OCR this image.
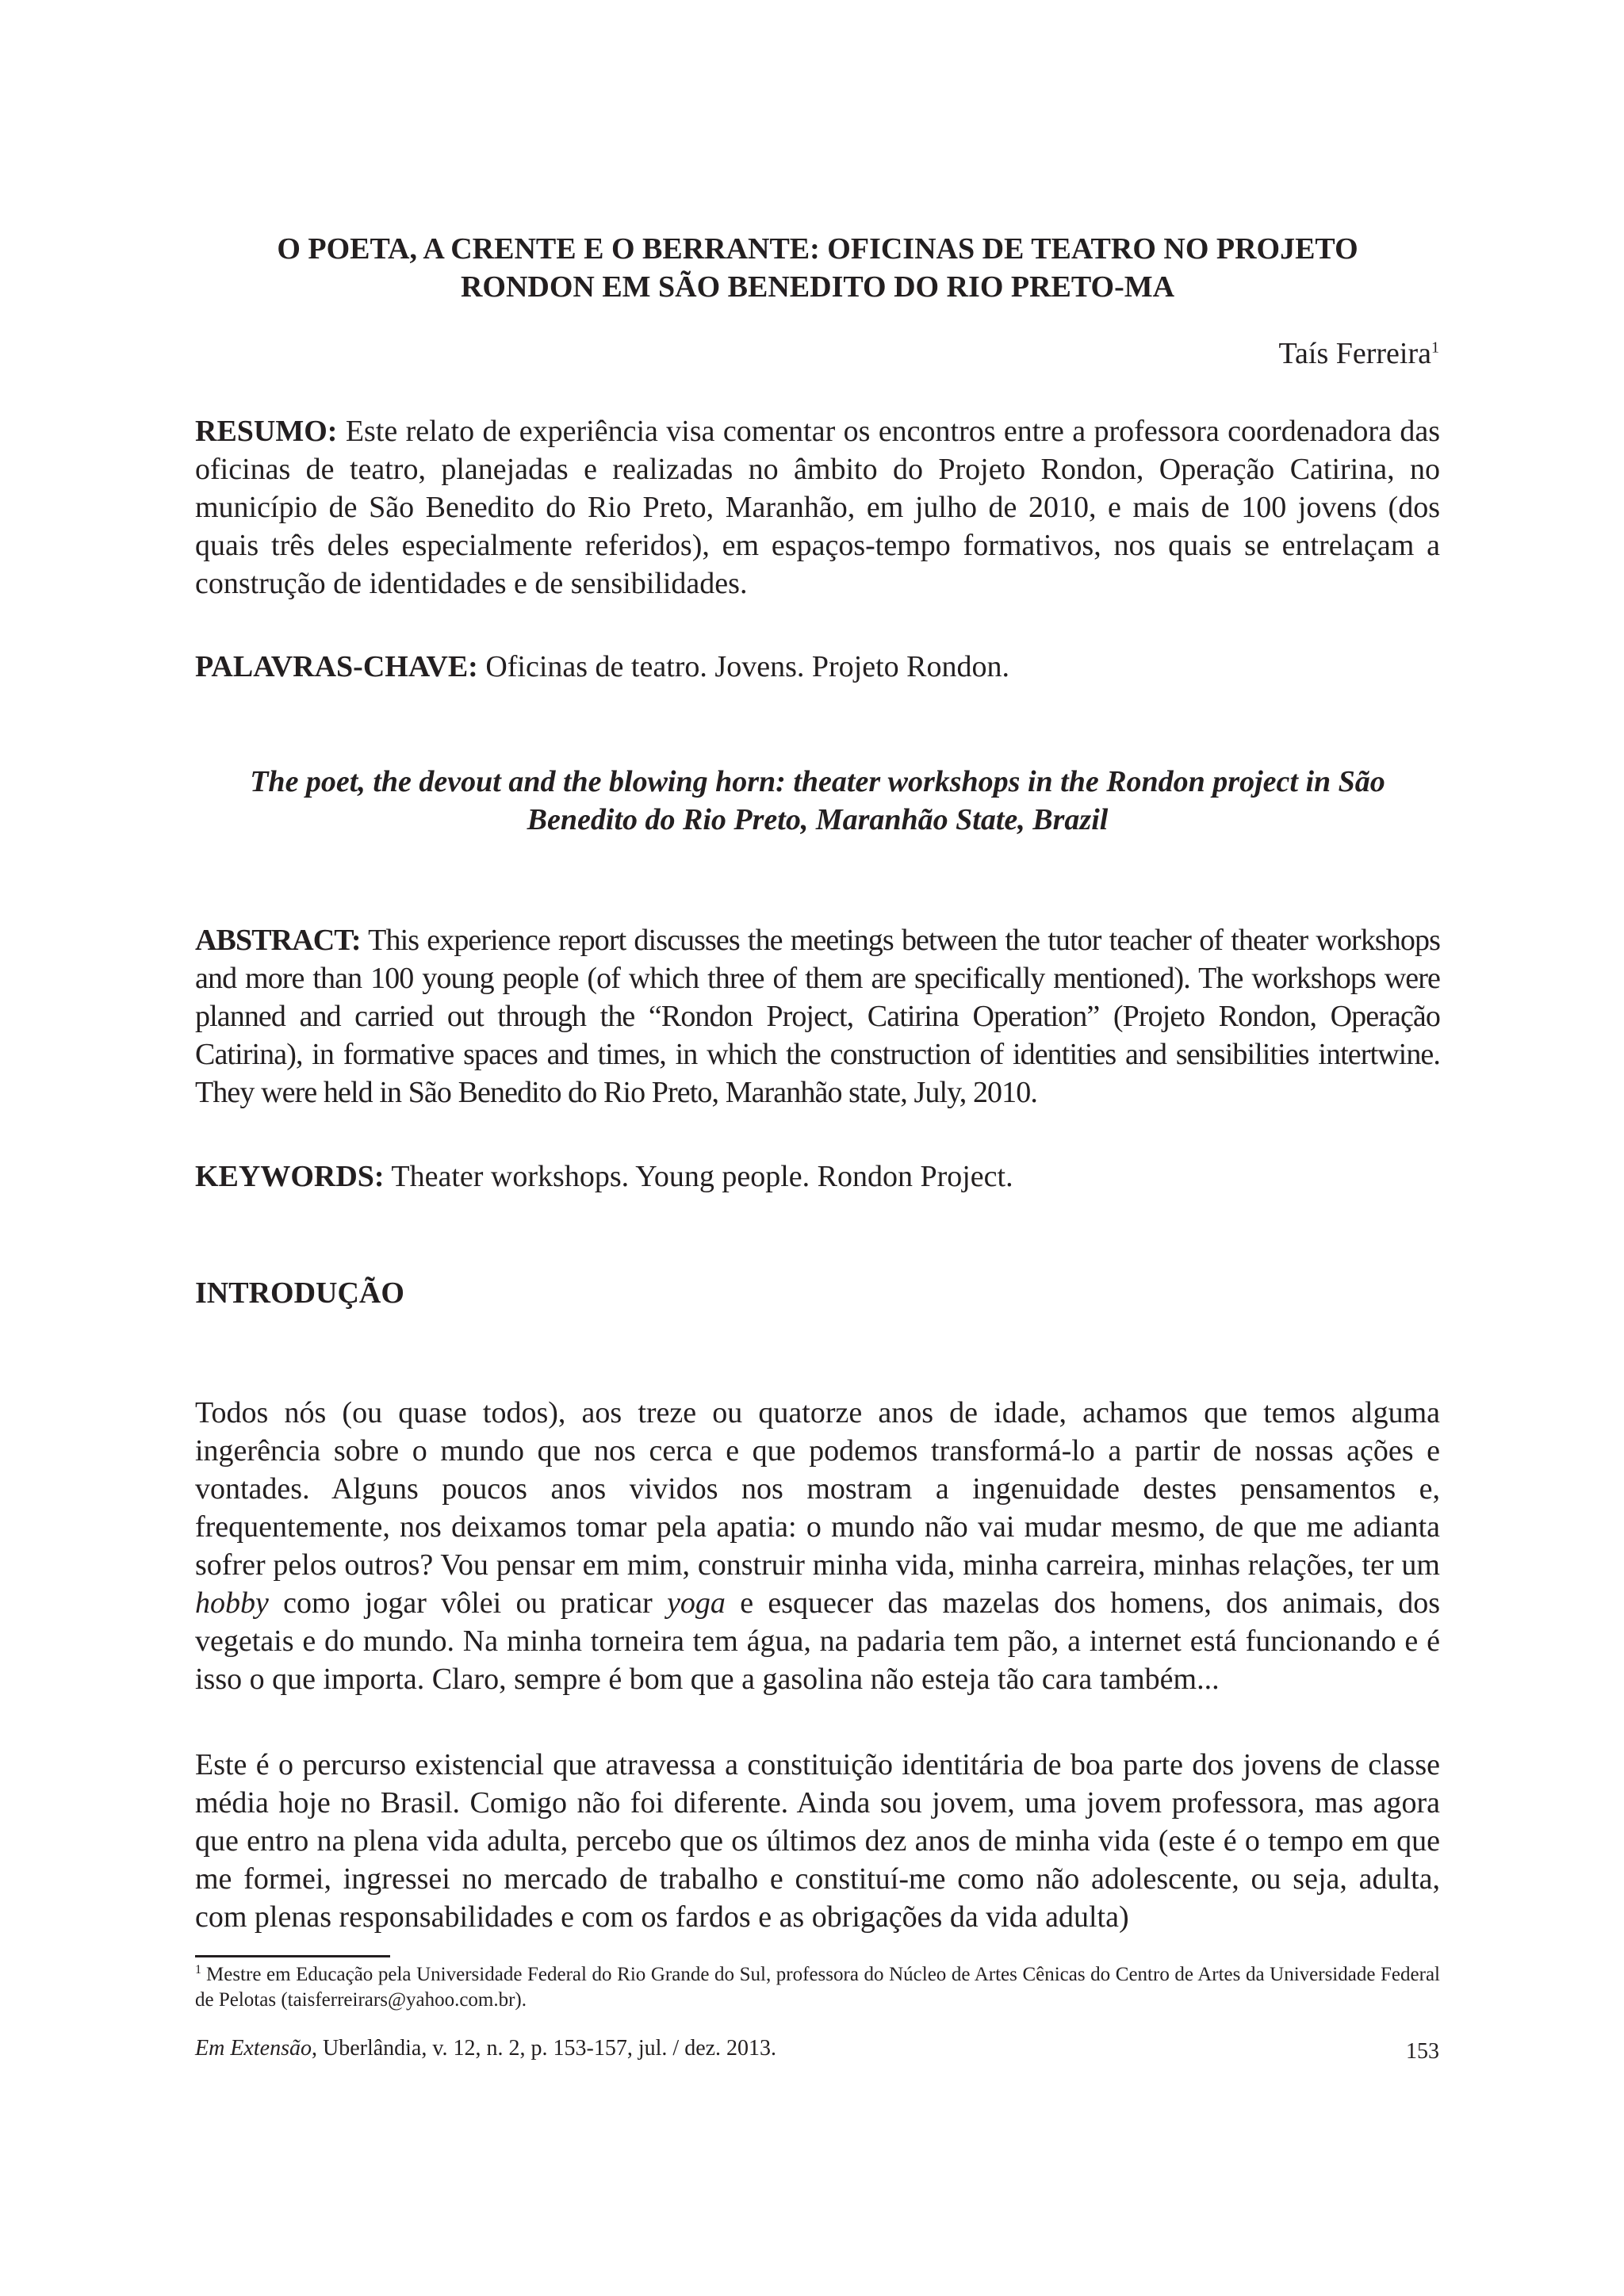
O POETA, A CRENTE E O BERRANTE: OFICINAS DE TEATRO NO PROJETO
RONDON EM SÃO BENEDITO DO RIO PRETO-MA

Taís Ferreira$^1$

RESUMO: Este relato de experiência visa comentar os encontros entre a professora coordenadora das oficinas de teatro, planejadas e realizadas no âmbito do Projeto Rondon, Operação Catirina, no município de São Benedito do Rio Preto, Maranhão, em julho de 2010, e mais de 100 jovens (dos quais três deles especialmente referidos), em espaços-tempo formativos, nos quais se entrelaçam a construção de identidades e de sensibilidades.

PALAVRAS-CHAVE: Oficinas de teatro. Jovens. Projeto Rondon.

The poet, the devout and the blowing horn: theater workshops in the Rondon project in São
Benedito do Rio Preto, Maranhão State, Brazil

ABSTRACT: This experience report discusses the meetings between the tutor teacher of theater workshops and more than 100 young people (of which three of them are specifically mentioned). The workshops were planned and carried out through the “Rondon Project, Catirina Operation” (Projeto Rondon, Operação Catirina), in formative spaces and times, in which the construction of identities and sensibilities intertwine. They were held in São Benedito do Rio Preto, Maranhão state, July, 2010.

KEYWORDS: Theater workshops. Young people. Rondon Project.

INTRODUÇÃO

Todos nós (ou quase todos), aos treze ou quatorze anos de idade, achamos que temos alguma ingerência sobre o mundo que nos cerca e que podemos transformá-lo a partir de nossas ações e vontades. Alguns poucos anos vividos nos mostram a ingenuidade destes pensamentos e, frequentemente, nos deixamos tomar pela apatia: o mundo não vai mudar mesmo, de que me adianta sofrer pelos outros? Vou pensar em mim, construir minha vida, minha carreira, minhas relações, ter um hobby como jogar vôlei ou praticar yoga e esquecer das mazelas dos homens, dos animais, dos vegetais e do mundo. Na minha torneira tem água, na padaria tem pão, a internet está funcionando e é isso o que importa. Claro, sempre é bom que a gasolina não esteja tão cara também...

Este é o percurso existencial que atravessa a constituição identitária de boa parte dos jovens de classe média hoje no Brasil. Comigo não foi diferente. Ainda sou jovem, uma jovem professora, mas agora que entro na plena vida adulta, percebo que os últimos dez anos de minha vida (este é o tempo em que me formei, ingressei no mercado de trabalho e constituí-me como não adolescente, ou seja, adulta, com plenas responsabilidades e com os fardos e as obrigações da vida adulta)

$^1$ Mestre em Educação pela Universidade Federal do Rio Grande do Sul, professora do Núcleo de Artes Cênicas do Centro de Artes da Universidade Federal de Pelotas (taisferreirars@yahoo.com.br).

Em Extensão, Uberlândia, v. 12, n. 2, p. 153-157, jul. / dez. 2013.	153
